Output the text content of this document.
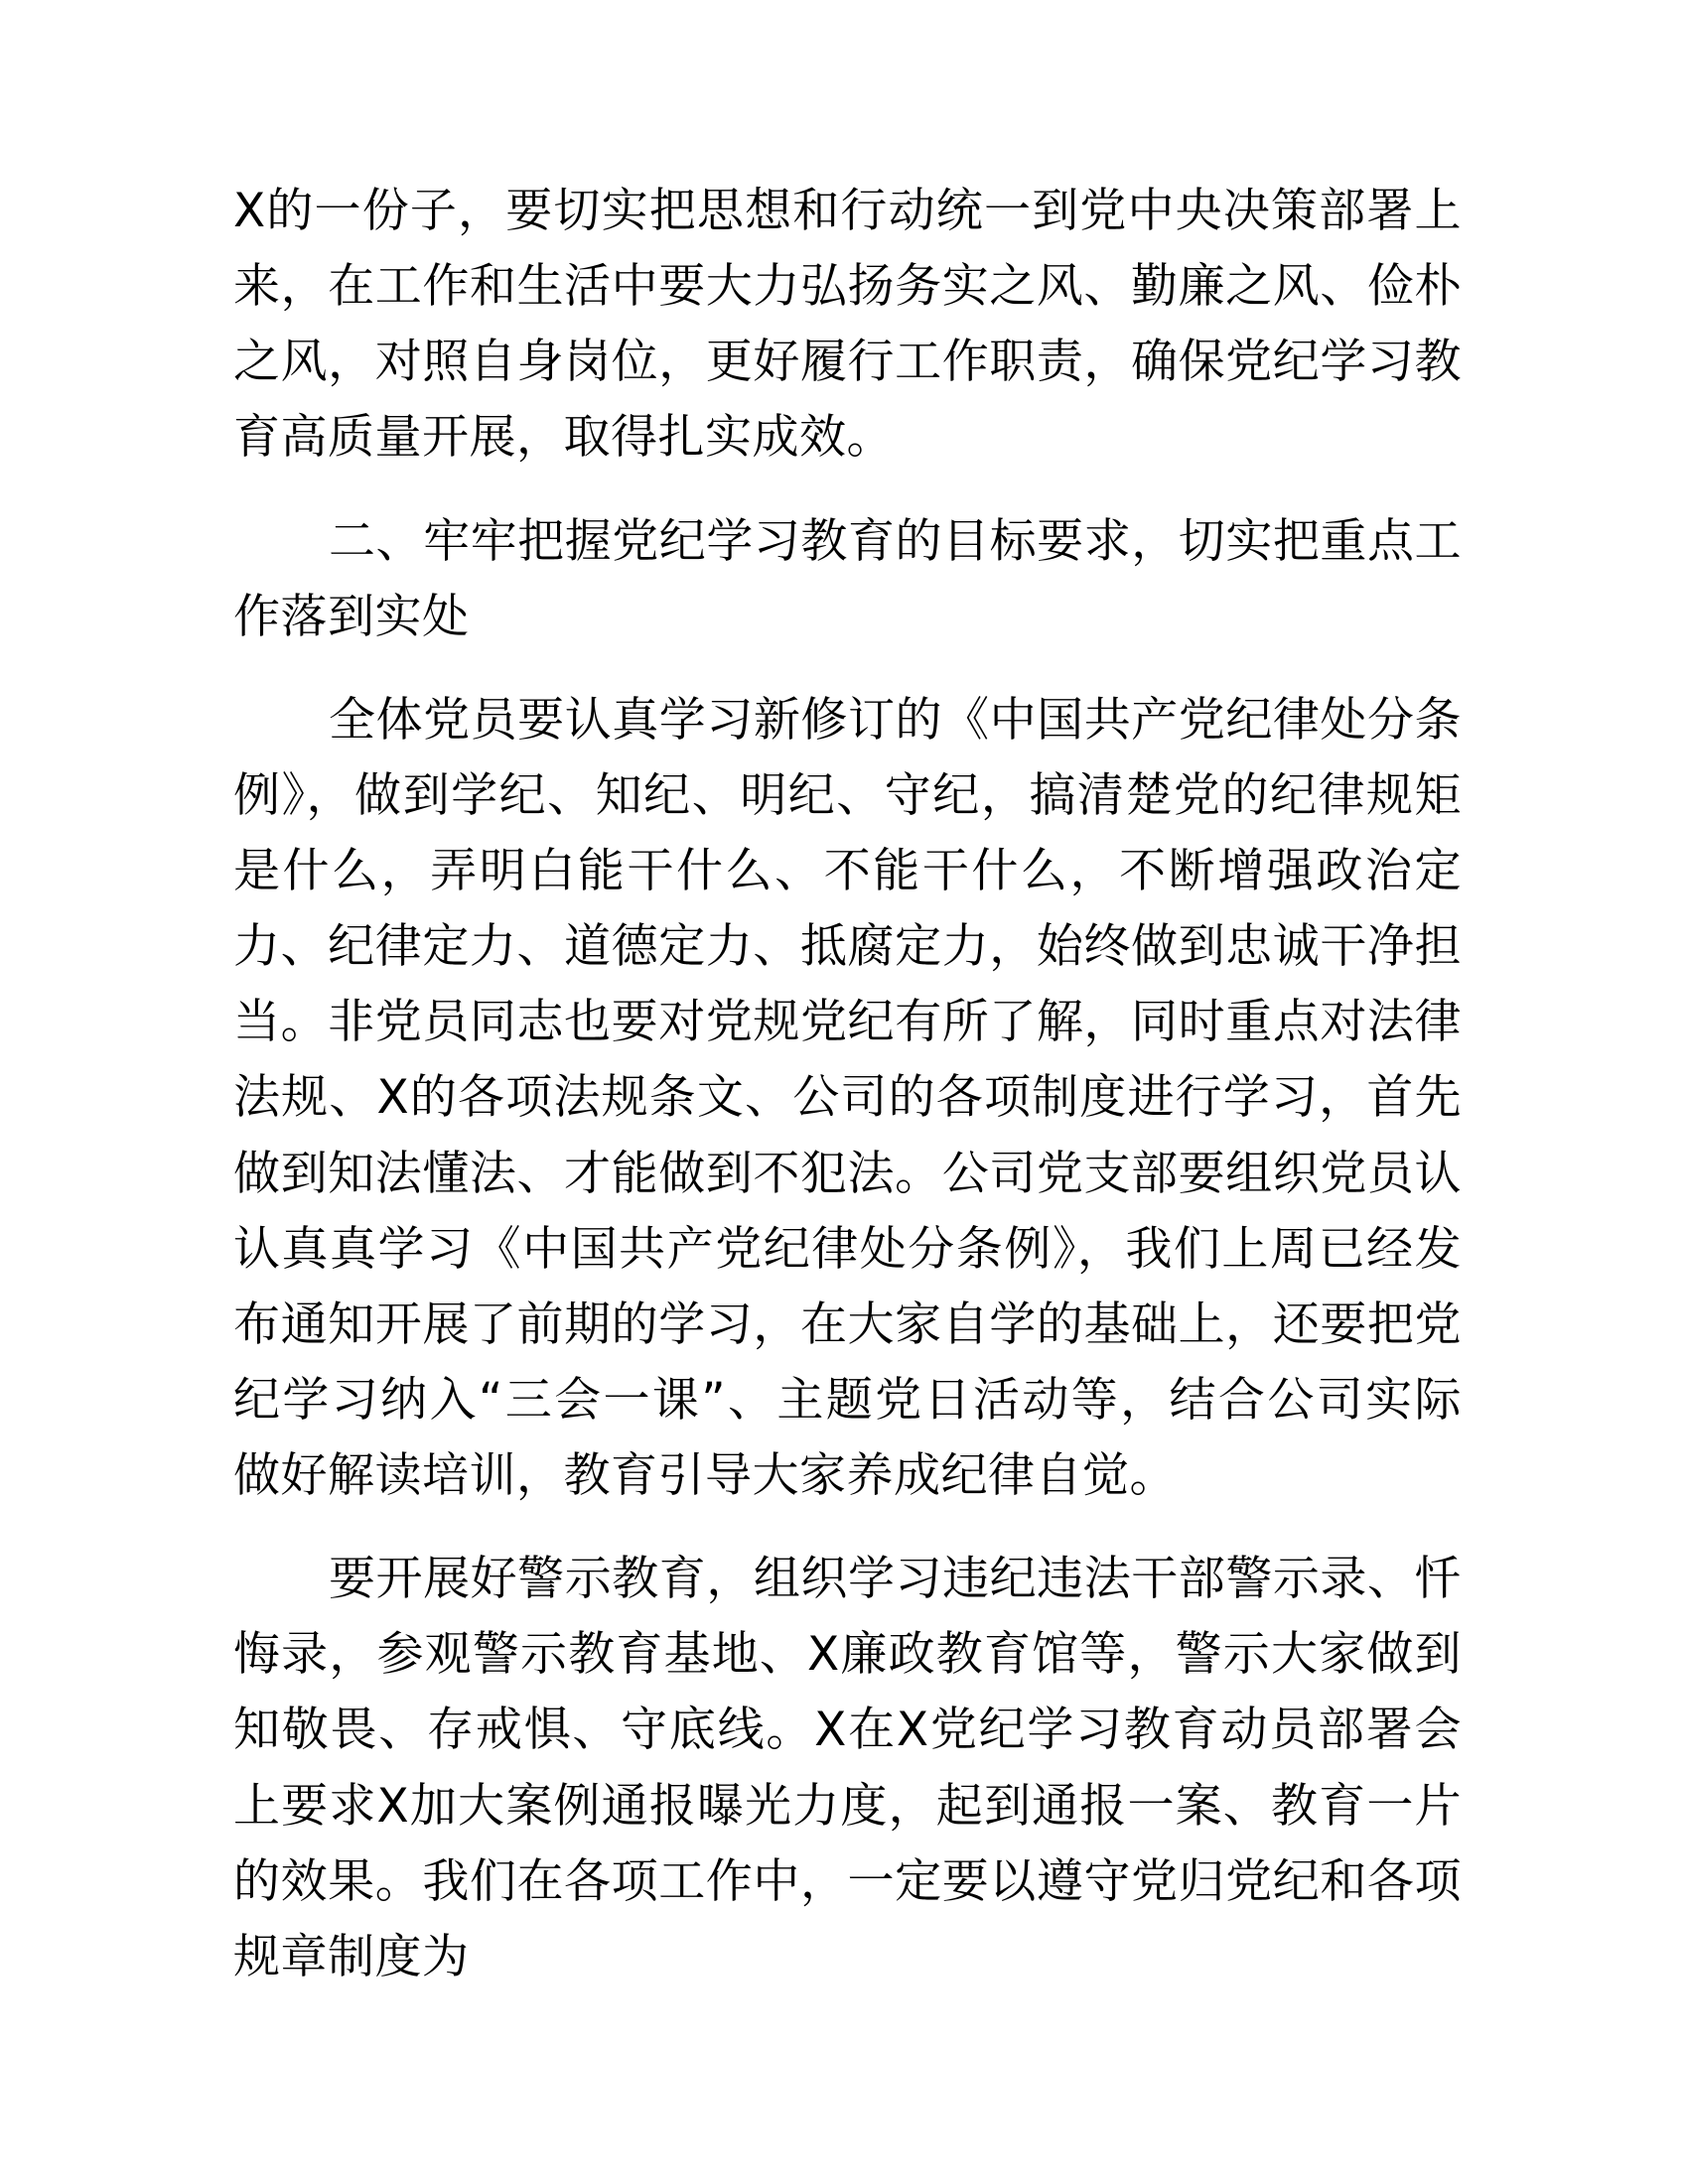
X的一份子，要切实把思想和行动统一到党中央决策部署上来，在工作和生活中要大力弘扬务实之风、勤廉之风、俭朴之风，对照自身岗位，更好履行工作职责，确保党纪学习教育高质量开展，取得扎实成效。

二、牢牢把握党纪学习教育的目标要求，切实把重点工作落到实处

全体党员要认真学习新修订的《中国共产党纪律处分条例》，做到学纪、知纪、明纪、守纪，搞清楚党的纪律规矩是什么，弄明白能干什么、不能干什么，不断增强政治定力、纪律定力、道德定力、抵腐定力，始终做到忠诚干净担当。非党员同志也要对党规党纪有所了解，同时重点对法律法规、X的各项法规条文、公司的各项制度进行学习，首先做到知法懂法、才能做到不犯法。公司党支部要组织党员认认真真学习《中国共产党纪律处分条例》，我们上周已经发布通知开展了前期的学习，在大家自学的基础上，还要把党纪学习纳入“三会一课”、主题党日活动等，结合公司实际做好解读培训，教育引导大家养成纪律自觉。

要开展好警示教育，组织学习违纪违法干部警示录、忏悔录，参观警示教育基地、X廉政教育馆等，警示大家做到知敬畏、存戒惧、守底线。X在X党纪学习教育动员部署会上要求X加大案例通报曝光力度，起到通报一案、教育一片的效果。我们在各项工作中，一定要以遵守党归党纪和各项规章制度为
